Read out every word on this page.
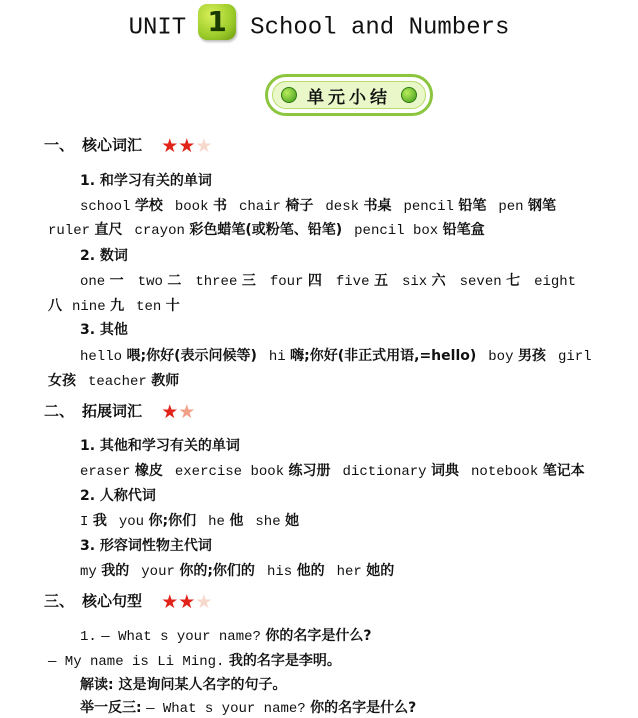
UNIT 1 School and Numbers
单元小结
一、 核心词汇 ★★★
1. 和学习有关的单词
school 学校 book 书 chair 椅子 desk 书桌 pencil 铅笔 pen 钢笔
ruler 直尺 crayon 彩色蜡笔(或粉笔、铅笔) pencil box 铅笔盒
2. 数词
one 一 two 二 three 三 four 四 five 五 six 六 seven 七 eight
八 nine 九 ten 十
3. 其他
hello 喂;你好(表示问候等) hi 嗨;你好(非正式用语,=hello) boy 男孩 girl
女孩 teacher 教师
二、 拓展词汇 ★★
1. 其他和学习有关的单词
eraser 橡皮 exercise book 练习册 dictionary 词典 notebook 笔记本
2. 人称代词
I 我 you 你;你们 he 他 she 她
3. 形容词性物主代词
my 我的 your 你的;你们的 his 他的 her 她的
三、 核心句型 ★★★
1. — What s your name? 你的名字是什么?
— My name is Li Ming. 我的名字是李明。
解读: 这是询问某人名字的句子。
举一反三: — What s your name? 你的名字是什么?
